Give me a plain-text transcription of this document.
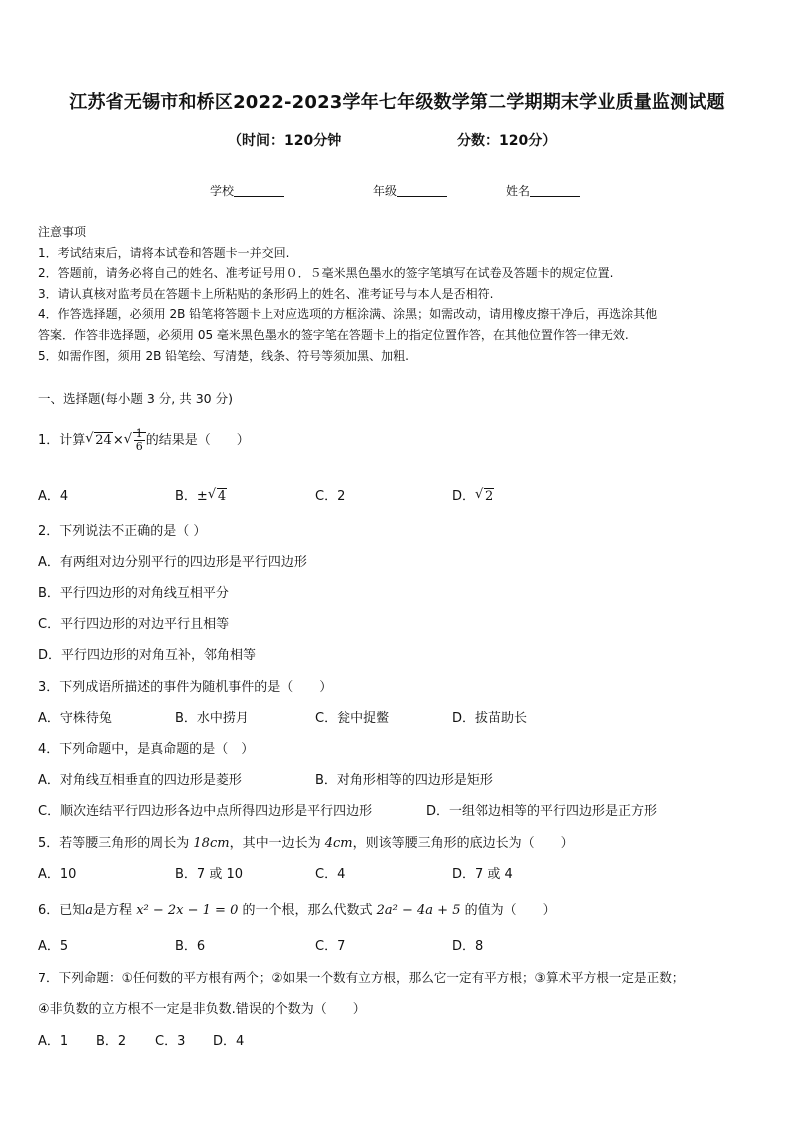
江苏省无锡市和桥区2022-2023学年七年级数学第二学期期末学业质量监测试题
（时间：120分钟	分数：120分）
学校	年级	姓名
注意事项
1．考试结束后，请将本试卷和答题卡一并交回.
2．答题前，请务必将自己的姓名、准考证号用０．５毫米黑色墨水的签字笔填写在试卷及答题卡的规定位置.
3．请认真核对监考员在答题卡上所粘贴的条形码上的姓名、准考证号与本人是否相符.
4．作答选择题，必须用 2B 铅笔将答题卡上对应选项的方框涂满、涂黑；如需改动，请用橡皮擦干净后，再选涂其他
答案．作答非选择题，必须用 05 毫米黑色墨水的签字笔在答题卡上的指定位置作答，在其他位置作答一律无效.
5．如需作图，须用 2B 铅笔绘、写清楚，线条、符号等须加黑、加粗.
一、选择题(每小题 3 分, 共 30 分)
1．计算 √ 24× √ $\frac{1}{6}$ 的结果是（　　）
A．4	B．± √ 4	C．2	D． √ 2
2．下列说法不正确的是（ ）
A．有两组对边分别平行的四边形是平行四边形
B．平行四边形的对角线互相平分
C．平行四边形的对边平行且相等
D．平行四边形的对角互补，邻角相等
3．下列成语所描述的事件为随机事件的是（　　）
A．守株待兔	B．水中捞月	C．瓮中捉鳖	D．拔苗助长
4．下列命题中，是真命题的是（　）
A．对角线互相垂直的四边形是菱形	B．对角形相等的四边形是矩形
C．顺次连结平行四边形各边中点所得四边形是平行四边形	D．一组邻边相等的平行四边形是正方形
5．若等腰三角形的周长为 18cm，其中一边长为 4cm，则该等腰三角形的底边长为（　　）
A．10	B．7 或 10	C．4	D．7 或 4
6．已知a是方程 x² − 2x − 1 = 0 的一个根，那么代数式 2a² − 4a + 5 的值为（　　）
A．5	B．6	C．7	D．8
7．下列命题：①任何数的平方根有两个；②如果一个数有立方根，那么它一定有平方根；③算术平方根一定是正数；
④非负数的立方根不一定是非负数.错误的个数为（　　）
A．1 B．2 C．3 D．4
